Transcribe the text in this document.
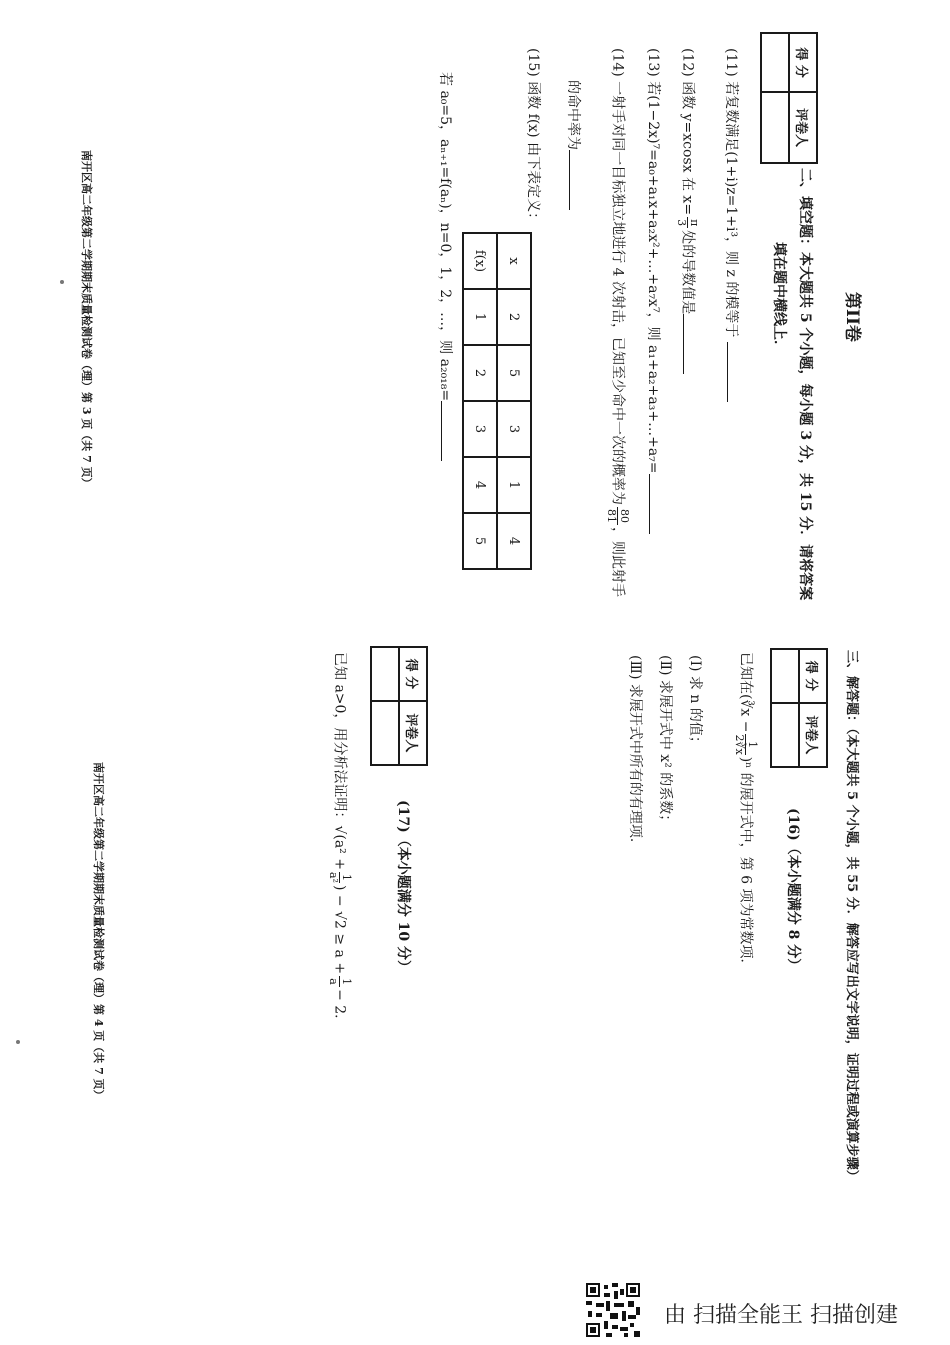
得 分	评卷人

第II卷
二、填空题：本大题共 5 个小题，每小题 3 分，共 15 分．请将答案
填在题中横线上．
(11) 若复数满足(1+i)z=1+i³，则 z 的模等于
(12) 函数 y=xcosx 在 x=
π
3
处的导数值是
(13) 若(1−2x)⁷=a₀+a₁x+a₂x²+…+a₇x⁷，则 a₁+a₂+a₃+…+a₇=
(14) 一射手对同一目标独立地进行 4 次射击，已知至少命中一次的概率为
80
81
，则此射手
的命中率为
(15) 函数 f(x) 由下表定义：
x	2	5	3	1	4
f(x)	1	2	3	4	5
若 a₀=5，aₙ₊₁=f(aₙ)，n=0，1，2，…，则 a₂₀₁₈=
南开区高二年级第二学期期末质量检测试卷（理）第 3 页（共 7 页）
三、解答题：（本大题共 5 个小题，共 55 分．解答应写出文字说明，证明过程或演算步骤）
得 分	评卷人

(16)（本小题满分 8 分）
已知在(∛x −
1
2∛x
)ⁿ 的展开式中，第 6 项为常数项．
(Ⅰ) 求 n 的值；
(Ⅱ) 求展开式中 x² 的系数；
(Ⅲ) 求展开式中所有的有理项．
得 分	评卷人

(17)（本小题满分 10 分）
已知 a>0，用分析法证明：√(a² +
1
a²
) − √2 ≥ a +
1
a
− 2．
南开区高二年级第二学期期末质量检测试卷（理）第 4 页（共 7 页）
由 扫描全能王 扫描创建
